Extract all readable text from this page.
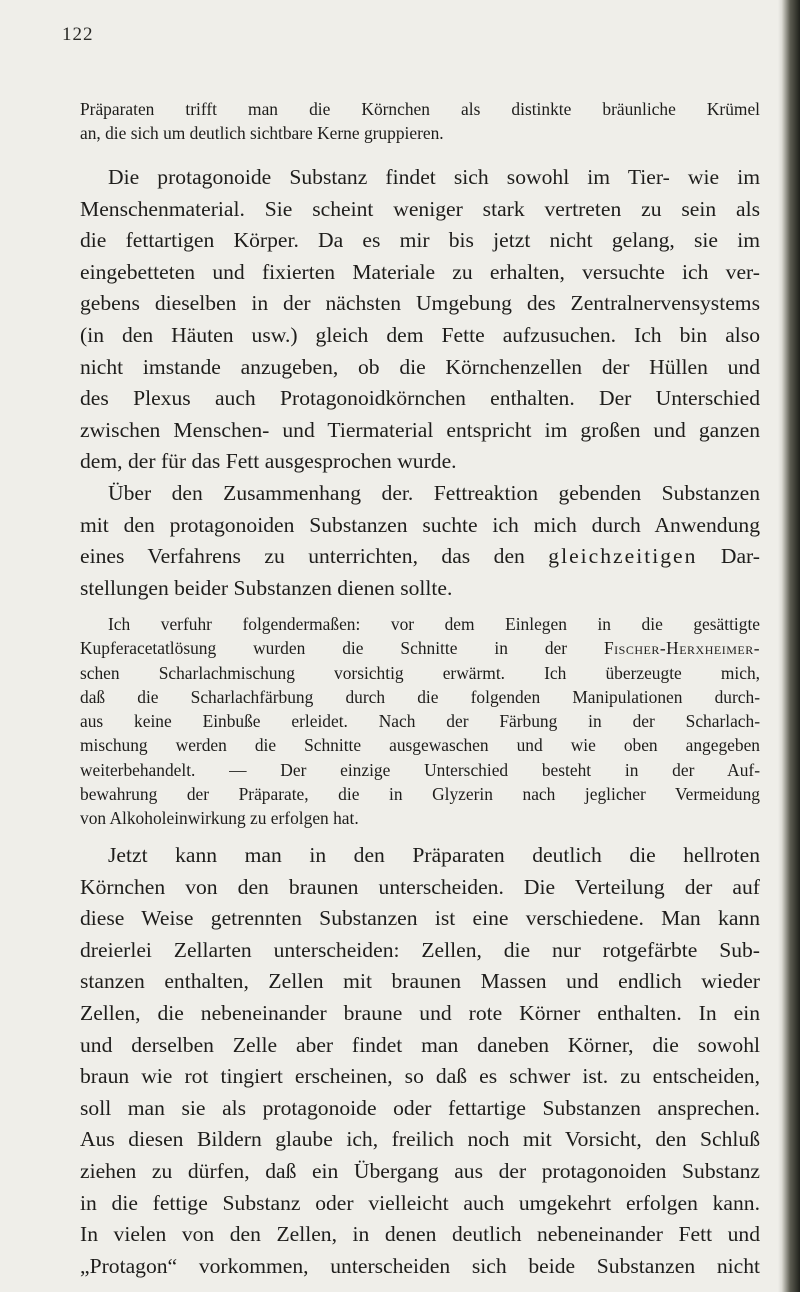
122
Präparaten trifft man die Körnchen als distinkte bräunliche Krümel
an, die sich um deutlich sichtbare Kerne gruppieren.
Die protagonoide Substanz findet sich sowohl im Tier- wie im
Menschenmaterial. Sie scheint weniger stark vertreten zu sein als
die fettartigen Körper. Da es mir bis jetzt nicht gelang, sie im
eingebetteten und fixierten Materiale zu erhalten, versuchte ich ver-
gebens dieselben in der nächsten Umgebung des Zentralnervensystems
(in den Häuten usw.) gleich dem Fette aufzusuchen. Ich bin also
nicht imstande anzugeben, ob die Körnchenzellen der Hüllen und
des Plexus auch Protagonoidkörnchen enthalten. Der Unterschied
zwischen Menschen- und Tiermaterial entspricht im großen und ganzen
dem, der für das Fett ausgesprochen wurde.
Über den Zusammenhang der. Fettreaktion gebenden Substanzen
mit den protagonoiden Substanzen suchte ich mich durch Anwendung
eines Verfahrens zu unterrichten, das den gleichzeitigen Dar-
stellungen beider Substanzen dienen sollte.
Ich verfuhr folgendermaßen: vor dem Einlegen in die gesättigte
Kupferacetatlösung wurden die Schnitte in der Fischer-Herxheimer-
schen Scharlachmischung vorsichtig erwärmt. Ich überzeugte mich,
daß die Scharlachfärbung durch die folgenden Manipulationen durch-
aus keine Einbuße erleidet. Nach der Färbung in der Scharlach-
mischung werden die Schnitte ausgewaschen und wie oben angegeben
weiterbehandelt. — Der einzige Unterschied besteht in der Auf-
bewahrung der Präparate, die in Glyzerin nach jeglicher Vermeidung
von Alkoholeinwirkung zu erfolgen hat.
Jetzt kann man in den Präparaten deutlich die hellroten
Körnchen von den braunen unterscheiden. Die Verteilung der auf
diese Weise getrennten Substanzen ist eine verschiedene. Man kann
dreierlei Zellarten unterscheiden: Zellen, die nur rotgefärbte Sub-
stanzen enthalten, Zellen mit braunen Massen und endlich wieder
Zellen, die nebeneinander braune und rote Körner enthalten. In ein
und derselben Zelle aber findet man daneben Körner, die sowohl
braun wie rot tingiert erscheinen, so daß es schwer ist. zu entscheiden,
soll man sie als protagonoide oder fettartige Substanzen ansprechen.
Aus diesen Bildern glaube ich, freilich noch mit Vorsicht, den Schluß
ziehen zu dürfen, daß ein Übergang aus der protagonoiden Substanz
in die fettige Substanz oder vielleicht auch umgekehrt erfolgen kann.
In vielen von den Zellen, in denen deutlich nebeneinander Fett und
„Protagon“ vorkommen, unterscheiden sich beide Substanzen nicht
